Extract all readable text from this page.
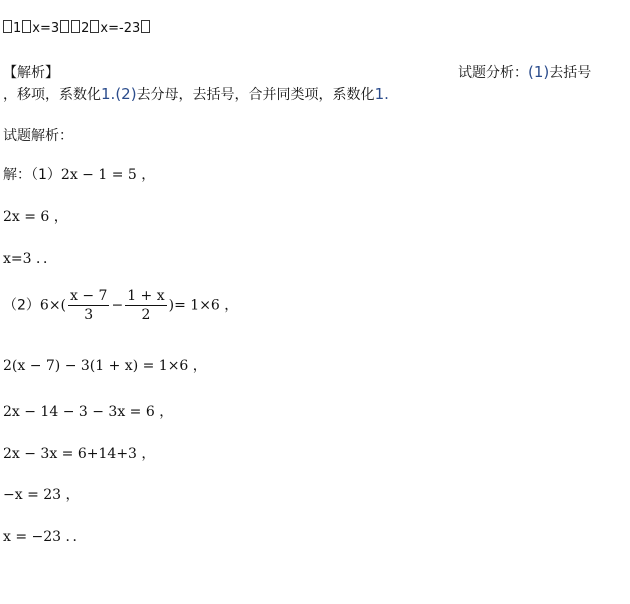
1 x=3 2 x=-23
【解析】	试题分析：(1)去括号
，移项，系数化1.(2)去分母，去括号，合并同类项，系数化1.
试题解析：
解：（1）2x − 1 = 5 ，
2x = 6 ，
x=3 ．．
$(2)6\times( \frac{x - 7}{3} - \frac{1 + x}{2}$ )= 1×6 ，
2(x − 7) − 3(1 + x) = 1×6 ，
2x − 14 − 3 − 3x = 6 ，
2x − 3x = 6+14+3 ，
−x = 23 ，
x = −23 ．．
